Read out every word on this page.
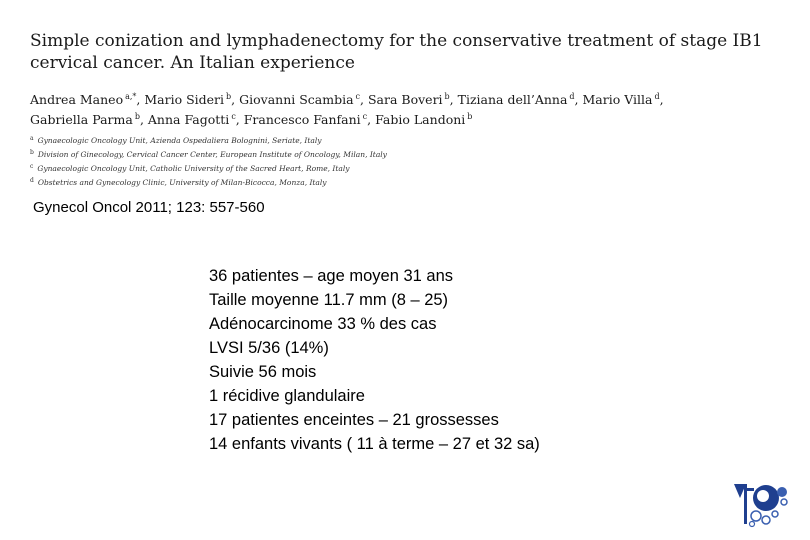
Simple conization and lymphadenectomy for the conservative treatment of stage IB1
cervical cancer. An Italian experience
Andrea Maneo $^{a,*}$, Mario Sideri $^b$, Giovanni Scambia $^c$, Sara Boveri $^b$, Tiziana dell’Anna $^d$, Mario Villa $^d$,
Gabriella Parma $^b$, Anna Fagotti $^c$, Francesco Fanfani $^c$, Fabio Landoni $^b$
$^a$ Gynaecologic Oncology Unit, Azienda Ospedaliera Bolognini, Seriate, Italy
$^b$ Division of Ginecology, Cervical Cancer Center, European Institute of Oncology, Milan, Italy
$^c$ Gynaecologic Oncology Unit, Catholic University of the Sacred Heart, Rome, Italy
$^d$ Obstetrics and Gynecology Clinic, University of Milan-Bicocca, Monza, Italy
Gynecol Oncol 2011; 123: 557-560
36 patientes – age moyen 31 ans
Taille moyenne 11.7 mm (8 – 25)
Adénocarcinome 33 % des cas
LVSI 5/36 (14%)
Suivie 56 mois
1 récidive glandulaire
17 patientes enceintes – 21 grossesses
14 enfants vivants ( 11 à terme – 27 et 32 sa)
